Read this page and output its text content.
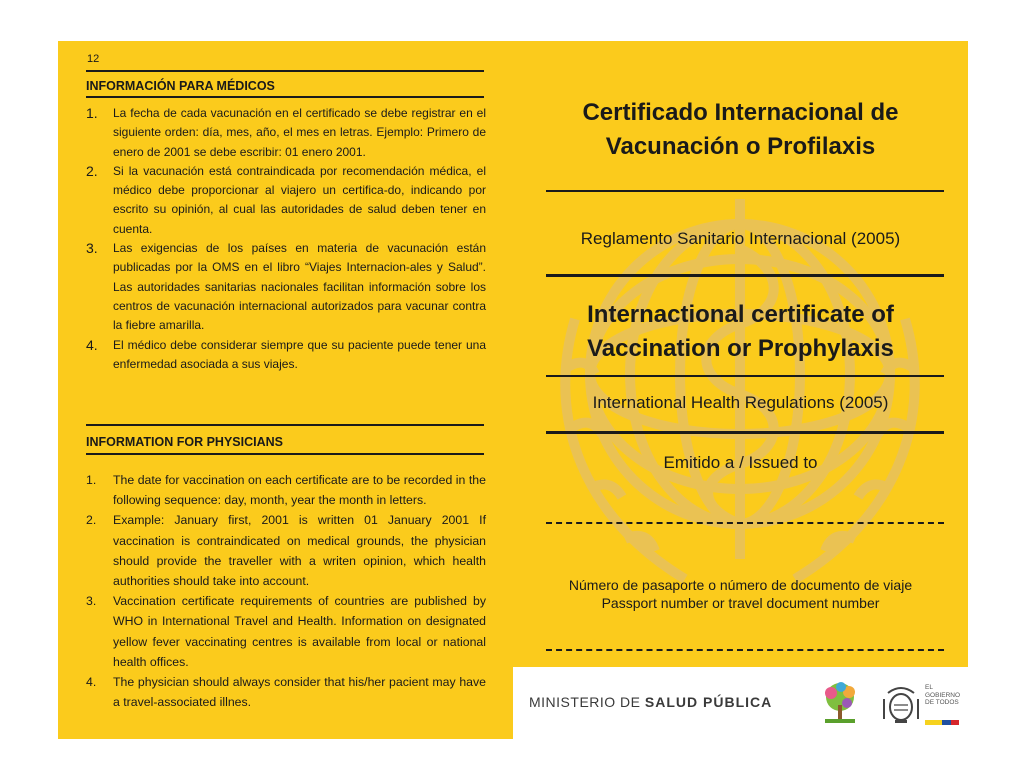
12
INFORMACIÓN PARA MÉDICOS
1. La fecha de cada vacunación en el certificado se debe registrar en el siguiente orden: día, mes, año, el mes en letras. Ejemplo: Primero de enero de 2001 se debe escribir: 01 enero 2001.
2. Si la vacunación está contraindicada por recomendación médica, el médico debe proporcionar al viajero un certifica-do, indicando por escrito su opinión, al cual las autoridades de salud deben tener en cuenta.
3. Las exigencias de los países en materia de vacunación están publicadas por la OMS en el libro “Viajes Internacion-ales y Salud”. Las autoridades sanitarias nacionales facilitan información sobre los centros de vacunación internacional autorizados para vacunar contra la fiebre amarilla.
4. El médico debe considerar siempre que su paciente puede tener una enfermedad asociada a sus viajes.
INFORMATION FOR PHYSICIANS
1. The date for vaccination on each certificate are to be recorded in the following sequence: day, month, year the month in letters.
2. Example: January first, 2001 is written 01 January 2001 If vaccination is contraindicated on medical grounds, the physician should provide the traveller with a writen opinion, which health authorities should take into account.
3. Vaccination certificate requirements of countries are published by WHO in International Travel and Health. Information on designated yellow fever vaccinating centres is available from local or national health offices.
4. The physician should always consider that his/her pacient may have a travel-associated illnes.
Certificado Internacional de
Vacunación o Profilaxis
Reglamento Sanitario Internacional (2005)
Internactional certificate of
Vaccination or Prophylaxis
International Health Regulations (2005)
Emitido a / Issued to
Número de pasaporte o número de documento de viaje
Passport number or travel document number
MINISTERIO DE SALUD PÚBLICA
EL
GOBIERNO
DE TODOS
